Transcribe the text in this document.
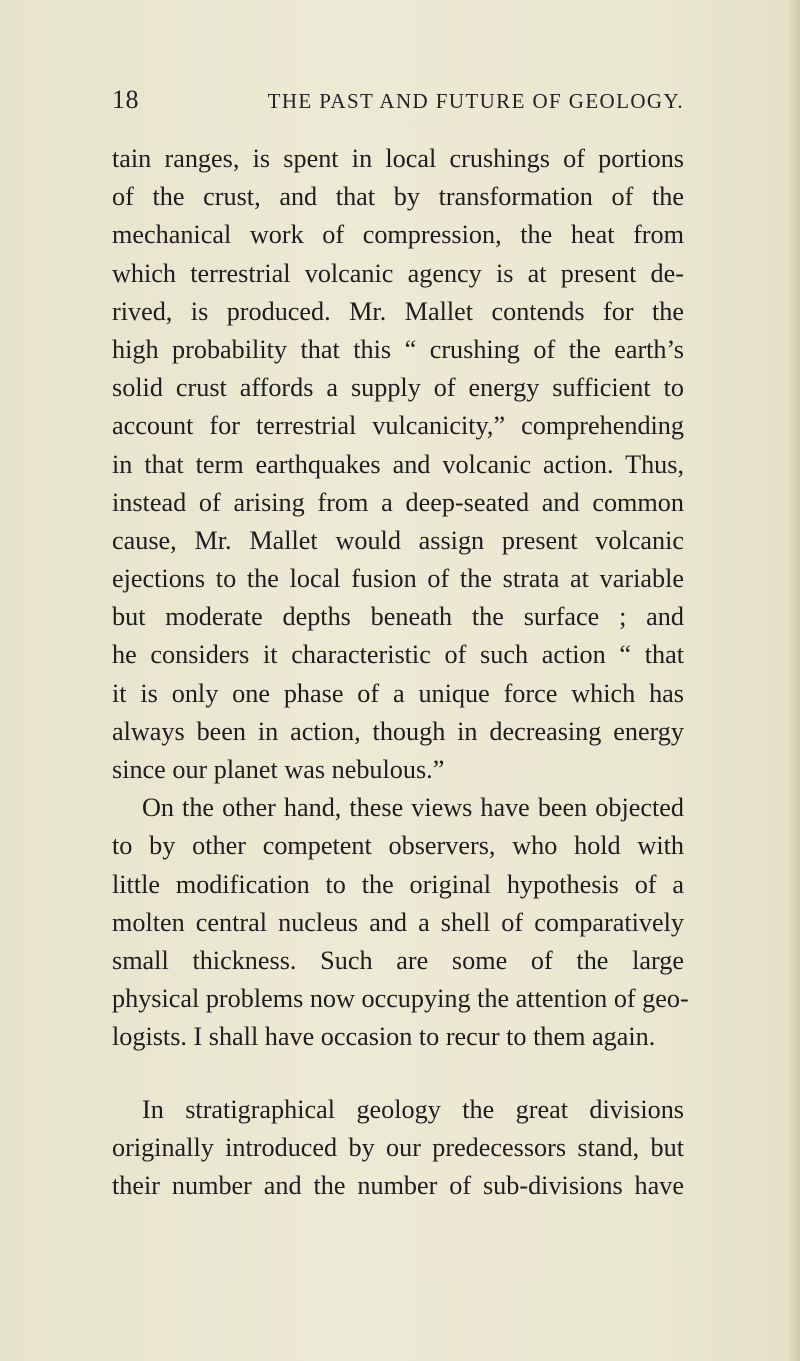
18	THE PAST AND FUTURE OF GEOLOGY.
tain ranges, is spent in local crushings of portions
of the crust, and that by transformation of the
mechanical work of compression, the heat from
which terrestrial volcanic agency is at present de-
rived, is produced. Mr. Mallet contends for the
high probability that this “ crushing of the earth’s
solid crust affords a supply of energy sufficient to
account for terrestrial vulcanicity,” comprehending
in that term earthquakes and volcanic action. Thus,
instead of arising from a deep-seated and common
cause, Mr. Mallet would assign present volcanic
ejections to the local fusion of the strata at variable
but moderate depths beneath the surface ; and
he considers it characteristic of such action “ that
it is only one phase of a unique force which has
always been in action, though in decreasing energy
since our planet was nebulous.”
On the other hand, these views have been objected
to by other competent observers, who hold with
little modification to the original hypothesis of a
molten central nucleus and a shell of comparatively
small thickness. Such are some of the large
physical problems now occupying the attention of geo-
logists. I shall have occasion to recur to them again.
In stratigraphical geology the great divisions
originally introduced by our predecessors stand, but
their number and the number of sub-divisions have
